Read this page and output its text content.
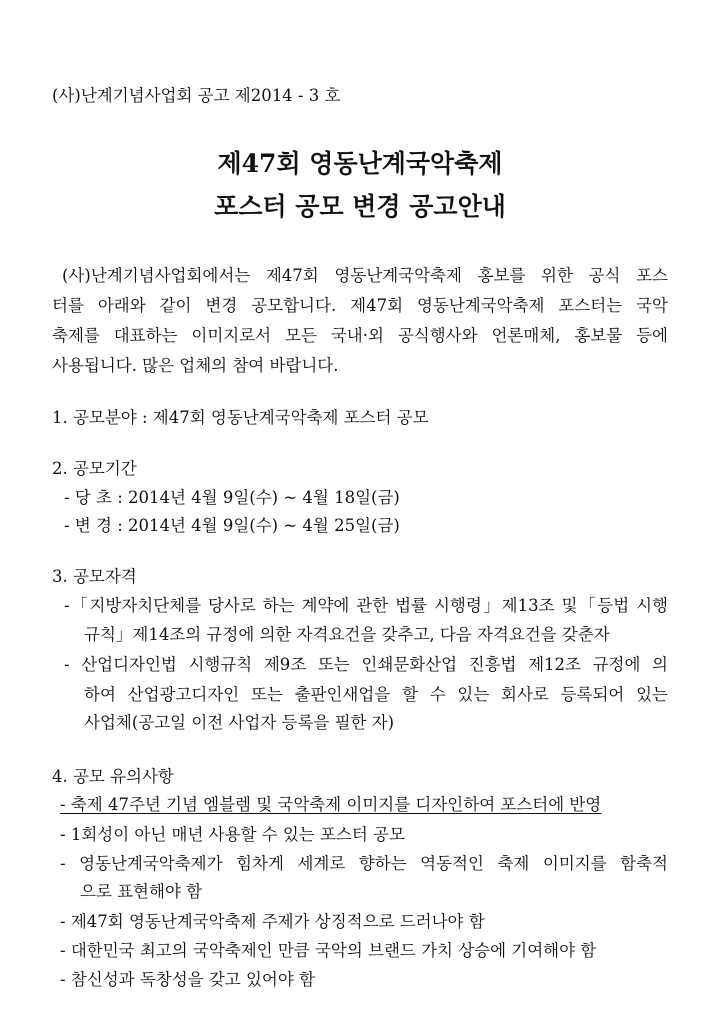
(사)난계기념사업회 공고 제2014 - 3 호
제47회 영동난계국악축제
포스터 공모 변경 공고안내
(사)난계기념사업회에서는 제47회 영동난계국악축제 홍보를 위한 공식 포스
터를 아래와 같이 변경 공모합니다. 제47회 영동난계국악축제 포스터는 국악
축제를 대표하는 이미지로서 모든 국내·외 공식행사와 언론매체, 홍보물 등에
사용됩니다. 많은 업체의 참여 바랍니다.
1. 공모분야 : 제47회 영동난계국악축제 포스터 공모
2. 공모기간
- 당 초 : 2014년 4월 9일(수) ~ 4월 18일(금)
- 변 경 : 2014년 4월 9일(수) ~ 4월 25일(금)
3. 공모자격
-「지방자치단체를 당사로 하는 계약에 관한 법률 시행령」제13조 및「등법 시행
규칙」제14조의 규정에 의한 자격요건을 갖추고, 다음 자격요건을 갖춘자
- 산업디자인법 시행규칙 제9조 또는 인쇄문화산업 진흥법 제12조 규정에 의
하여 산업광고디자인 또는 출판인새업을 할 수 있는 회사로 등록되어 있는
사업체(공고일 이전 사업자 등록을 필한 자)
4. 공모 유의사항
- 축제 47주년 기념 엠블렘 및 국악축제 이미지를 디자인하여 포스터에 반영
- 1회성이 아닌 매년 사용할 수 있는 포스터 공모
- 영동난계국악축제가 힘차게 세계로 향하는 역동적인 축제 이미지를 함축적
으로 표현해야 함
- 제47회 영동난계국악축제 주제가 상징적으로 드러나야 함
- 대한민국 최고의 국악축제인 만큼 국악의 브랜드 가치 상승에 기여해야 함
- 참신성과 독창성을 갖고 있어야 함
